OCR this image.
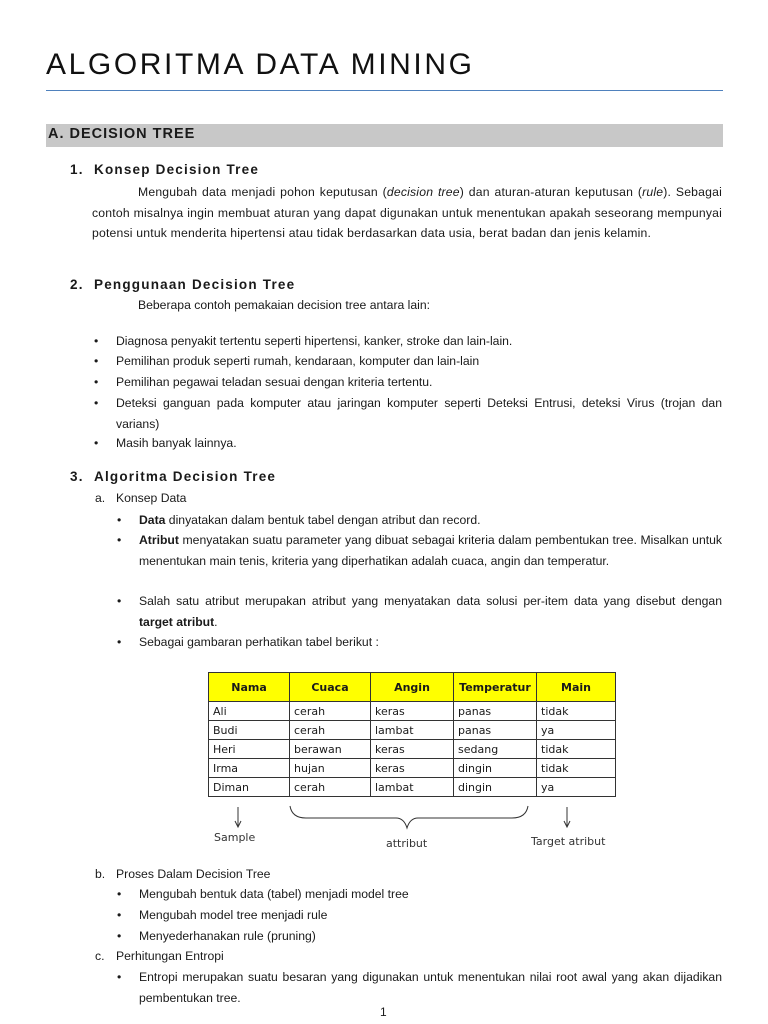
ALGORITMA DATA MINING
A. DECISION TREE
1. Konsep Decision Tree

Mengubah data menjadi pohon keputusan (decision tree) dan aturan-aturan keputusan (rule). Sebagai contoh misalnya ingin membuat aturan yang dapat digunakan untuk menentukan apakah seseorang mempunyai potensi untuk menderita hipertensi atau tidak berdasarkan data usia, berat badan dan jenis kelamin.

2. Penggunaan Decision Tree

Beberapa contoh pemakaian decision tree antara lain:

• Diagnosa penyakit tertentu seperti hipertensi, kanker, stroke dan lain-lain.

• Pemilihan produk seperti rumah, kendaraan, komputer dan lain-lain

• Pemilihan pegawai teladan sesuai dengan kriteria tertentu.

• Deteksi ganguan pada komputer atau jaringan komputer seperti Deteksi Entrusi, deteksi Virus (trojan dan varians)

• Masih banyak lainnya.

3. Algoritma Decision Tree

a. Konsep Data

• Data dinyatakan dalam bentuk tabel dengan atribut dan record.

• Atribut menyatakan suatu parameter yang dibuat sebagai kriteria dalam pembentukan tree. Misalkan untuk menentukan main tenis, kriteria yang diperhatikan adalah cuaca, angin dan temperatur.

• Salah satu atribut merupakan atribut yang menyatakan data solusi per-item data yang disebut dengan target atribut.

• Sebagai gambaran perhatikan tabel berikut :

Nama	Cuaca	Angin	Temperatur	Main
Ali	cerah	keras	panas	tidak
Budi	cerah	lambat	panas	ya
Heri	berawan	keras	sedang	tidak
Irma	hujan	keras	dingin	tidak
Diman	cerah	lambat	dingin	ya
Sample	attribut	Target atribut

b. Proses Dalam Decision Tree

• Mengubah bentuk data (tabel) menjadi model tree

• Mengubah model tree menjadi rule

• Menyederhanakan rule (pruning)

c. Perhitungan Entropi

• Entropi merupakan suatu besaran yang digunakan untuk menentukan nilai root awal yang akan dijadikan pembentukan tree.

1
